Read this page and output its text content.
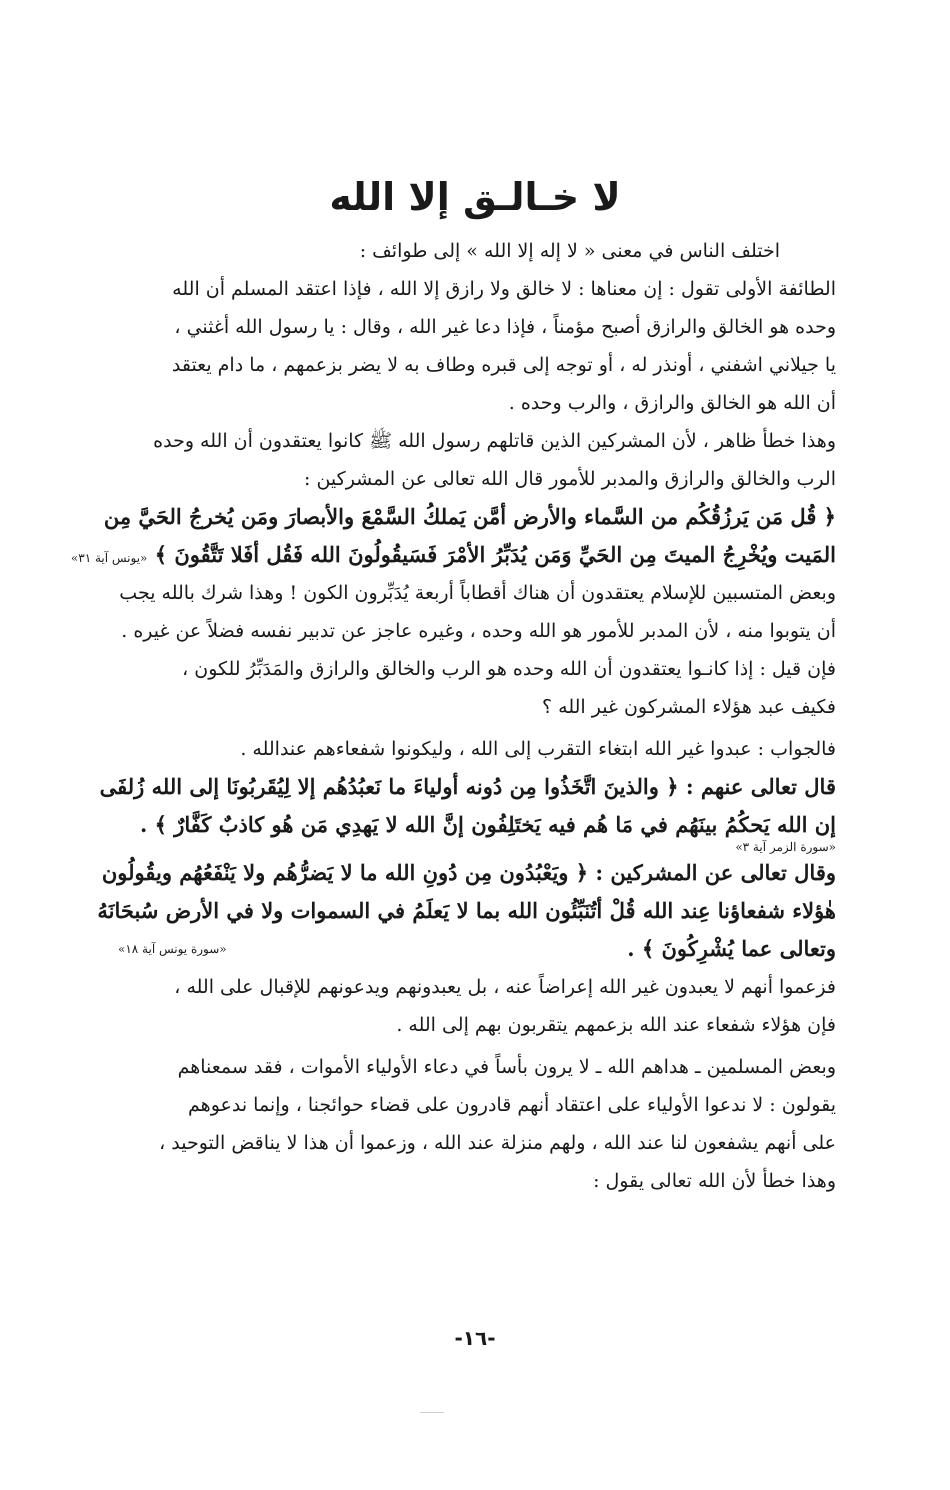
لا خـالـق إلا الله
اختلف الناس في معنى « لا إله إلا الله » إلى طوائف :
الطائفة الأولى تقول : إن معناها : لا خالق ولا رازق إلا الله ، فإذا اعتقد المسلم أن الله
وحده هو الخالق والرازق أصبح مؤمناً ، فإذا دعا غير الله ، وقال : يا رسول الله أغثني ،
يا جيلاني اشفني ، أونذر له ، أو توجه إلى قبره وطاف به لا يضر بزعمهم ، ما دام يعتقد
أن الله هو الخالق والرازق ، والرب وحده .
وهذا خطأ ظاهر ، لأن المشركين الذين قاتلهم رسول الله ﷺ كانوا يعتقدون أن الله وحده
الرب والخالق والرازق والمدبر للأمور قال الله تعالى عن المشركين :
﴿ قُل مَن يَرزُقُكُم من السَّماء والأرض أمَّن يَملكُ السَّمْعَ والأبصارَ ومَن يُخرجُ الحَيَّ مِن
المَيت ويُخْرِجُ الميتَ مِن الحَيِّ وَمَن يُدَبِّرُ الأمْرَ فَسَيقُولُونَ الله فَقُل أفَلا تَتَّقُونَ ﴾ «يونس آية ٣١»
وبعض المتسبين للإسلام يعتقدون أن هناك أقطاباً أربعة يُدَبِّرون الكون ! وهذا شرك بالله يجب
أن يتوبوا منه ، لأن المدبر للأمور هو الله وحده ، وغيره عاجز عن تدبير نفسه فضلاً عن غيره .
فإن قيل : إذا كانـوا يعتقدون أن الله وحده هو الرب والخالق والرازق والمَدَبِّرُ للكون ،
فكيف عبد هؤلاء المشركون غير الله ؟
فالجواب : عبدوا غير الله ابتغاء التقرب إلى الله ، وليكونوا شفعاءهم عندالله .
قال تعالى عنهم : ﴿ والذينَ اتَّخَذُوا مِن دُونه أولياءَ ما نَعبُدُهُم إلا لِيُقَربُونَا إلى الله زُلفَى
إن الله يَحكُمُ بينَهُم في مَا هُم فيه يَختَلِفُون إنَّ الله لا يَهدِي مَن هُو كاذبٌ كَفَّارٌ ﴾ .
«سورة الزمر آية ٣»
وقال تعالى عن المشركين : ﴿ ويَعْبُدُون مِن دُونِ الله ما لا يَضرُّهُم ولا يَنْفَعُهُم ويقُولُون
هٰؤلاء شفعاؤنا عِند الله قُلْ أتُنَبِّئُون الله بما لا يَعلَمُ في السموات ولا في الأرض سُبحَانَهُ
وتعالى عما يُشْرِكُونَ ﴾ .
«سورة يونس آية ١٨»
فزعموا أنهم لا يعبدون غير الله إعراضاً عنه ، بل يعبدونهم ويدعونهم للإقبال على الله ،
فإن هؤلاء شفعاء عند الله بزعمهم يتقربون بهم إلى الله .
وبعض المسلمين ـ هداهم الله ـ لا يرون بأساً في دعاء الأولياء الأموات ، فقد سمعناهم
يقولون : لا ندعوا الأولياء على اعتقاد أنهم قادرون على قضاء حوائجنا ، وإنما ندعوهم
على أنهم يشفعون لنا عند الله ، ولهم منزلة عند الله ، وزعموا أن هذا لا يناقض التوحيد ،
وهذا خطأ لأن الله تعالى يقول :
-١٦-
